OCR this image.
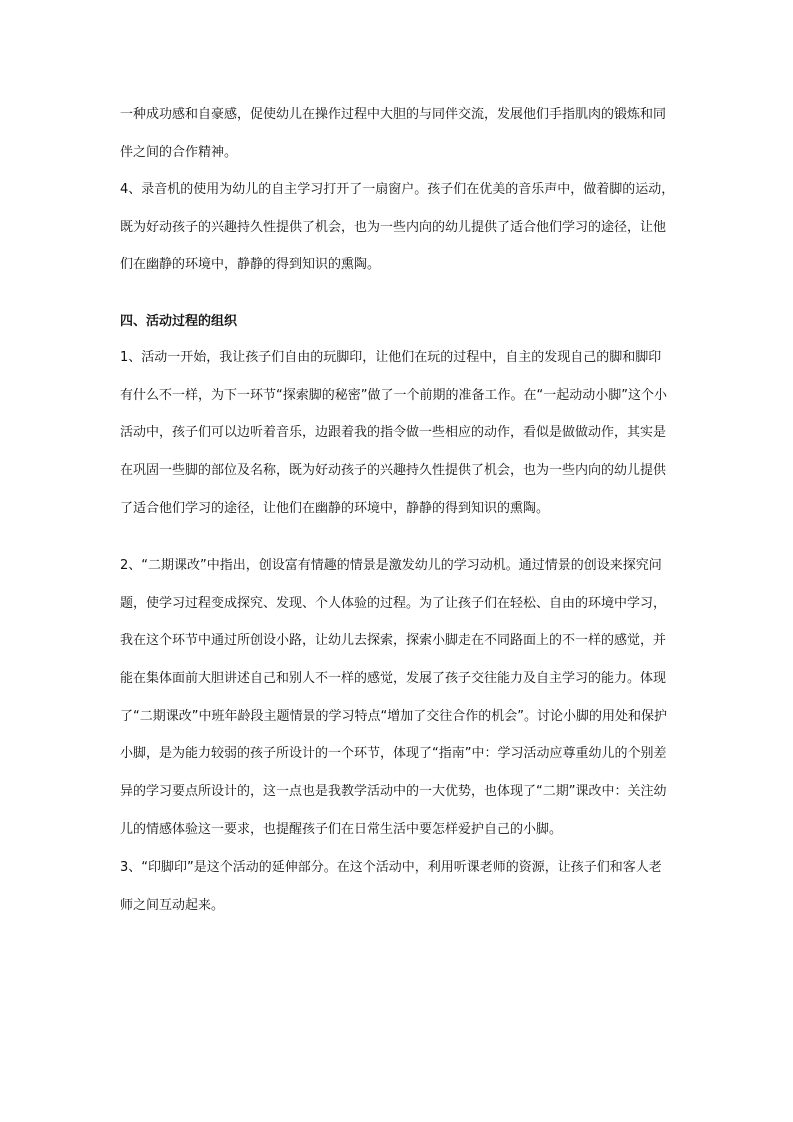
一种成功感和自豪感，促使幼儿在操作过程中大胆的与同伴交流，发展他们手指肌肉的锻炼和同
伴之间的合作精神。
4、录音机的使用为幼儿的自主学习打开了一扇窗户。孩子们在优美的音乐声中，做着脚的运动，
既为好动孩子的兴趣持久性提供了机会，也为一些内向的幼儿提供了适合他们学习的途径，让他
们在幽静的环境中，静静的得到知识的熏陶。
四、活动过程的组织
1、活动一开始，我让孩子们自由的玩脚印，让他们在玩的过程中，自主的发现自己的脚和脚印
有什么不一样，为下一环节“探索脚的秘密”做了一个前期的准备工作。在“一起动动小脚”这个小
活动中，孩子们可以边听着音乐，边跟着我的指令做一些相应的动作，看似是做做动作，其实是
在巩固一些脚的部位及名称，既为好动孩子的兴趣持久性提供了机会，也为一些内向的幼儿提供
了适合他们学习的途径，让他们在幽静的环境中，静静的得到知识的熏陶。
2、“二期课改”中指出，创设富有情趣的情景是激发幼儿的学习动机。通过情景的创设来探究问
题，使学习过程变成探究、发现、个人体验的过程。为了让孩子们在轻松、自由的环境中学习，
我在这个环节中通过所创设小路，让幼儿去探索，探索小脚走在不同路面上的不一样的感觉，并
能在集体面前大胆讲述自己和别人不一样的感觉，发展了孩子交往能力及自主学习的能力。体现
了“二期课改”中班年龄段主题情景的学习特点“增加了交往合作的机会”。讨论小脚的用处和保护
小脚，是为能力较弱的孩子所设计的一个环节，体现了“指南”中：学习活动应尊重幼儿的个别差
异的学习要点所设计的，这一点也是我教学活动中的一大优势，也体现了“二期”课改中：关注幼
儿的情感体验这一要求，也提醒孩子们在日常生活中要怎样爱护自己的小脚。
3、“印脚印”是这个活动的延伸部分。在这个活动中，利用听课老师的资源，让孩子们和客人老
师之间互动起来。
